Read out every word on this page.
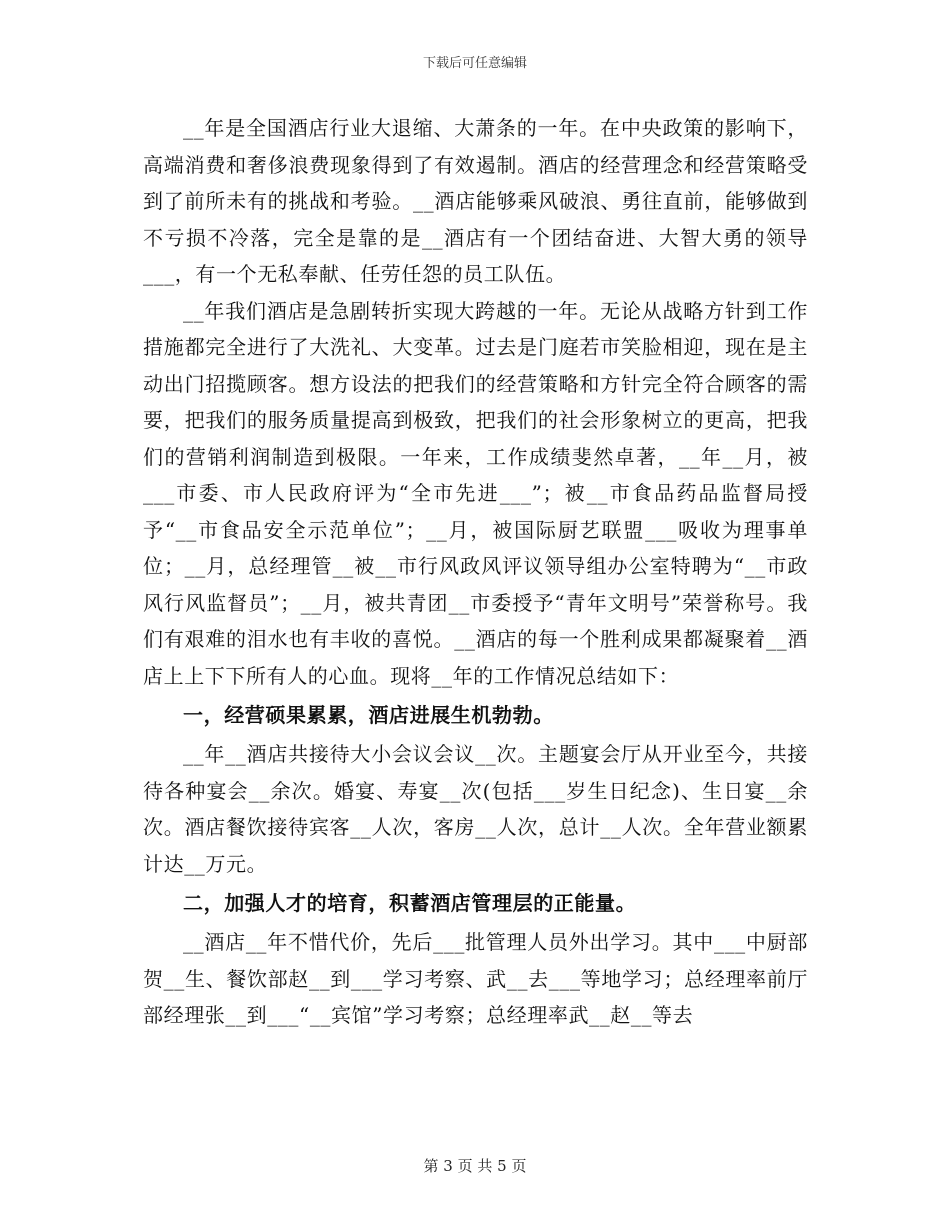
下载后可任意编辑

__年是全国酒店行业大退缩、大萧条的一年。在中央政策的影响下，高端消费和奢侈浪费现象得到了有效遏制。酒店的经营理念和经营策略受到了前所未有的挑战和考验。__酒店能够乘风破浪、勇往直前，能够做到不亏损不冷落，完全是靠的是__酒店有一个团结奋进、大智大勇的领导___，有一个无私奉献、任劳任怨的员工队伍。

__年我们酒店是急剧转折实现大跨越的一年。无论从战略方针到工作措施都完全进行了大洗礼、大变革。过去是门庭若市笑脸相迎，现在是主动出门招揽顾客。想方设法的把我们的经营策略和方针完全符合顾客的需要，把我们的服务质量提高到极致，把我们的社会形象树立的更高，把我们的营销利润制造到极限。一年来，工作成绩斐然卓著，__年__月，被___市委、市人民政府评为“全市先进___”；被__市食品药品监督局授予“__市食品安全示范单位”；__月，被国际厨艺联盟___吸收为理事单位；__月，总经理管__被__市行风政风评议领导组办公室特聘为“__市政风行风监督员”；__月，被共青团__市委授予“青年文明号”荣誉称号。我们有艰难的泪水也有丰收的喜悦。__酒店的每一个胜利成果都凝聚着__酒店上上下下所有人的心血。现将__年的工作情况总结如下：

一，经营硕果累累，酒店进展生机勃勃。

__年__酒店共接待大小会议会议__次。主题宴会厅从开业至今，共接待各种宴会__余次。婚宴、寿宴__次(包括___岁生日纪念)、生日宴__余次。酒店餐饮接待宾客__人次，客房__人次，总计__人次。全年营业额累计达__万元。

二，加强人才的培育，积蓄酒店管理层的正能量。

__酒店__年不惜代价，先后___批管理人员外出学习。其中___中厨部贺__生、餐饮部赵__到___学习考察、武__去___等地学习；总经理率前厅部经理张__到___“__宾馆”学习考察；总经理率武__赵__等去

第 3 页 共 5 页
